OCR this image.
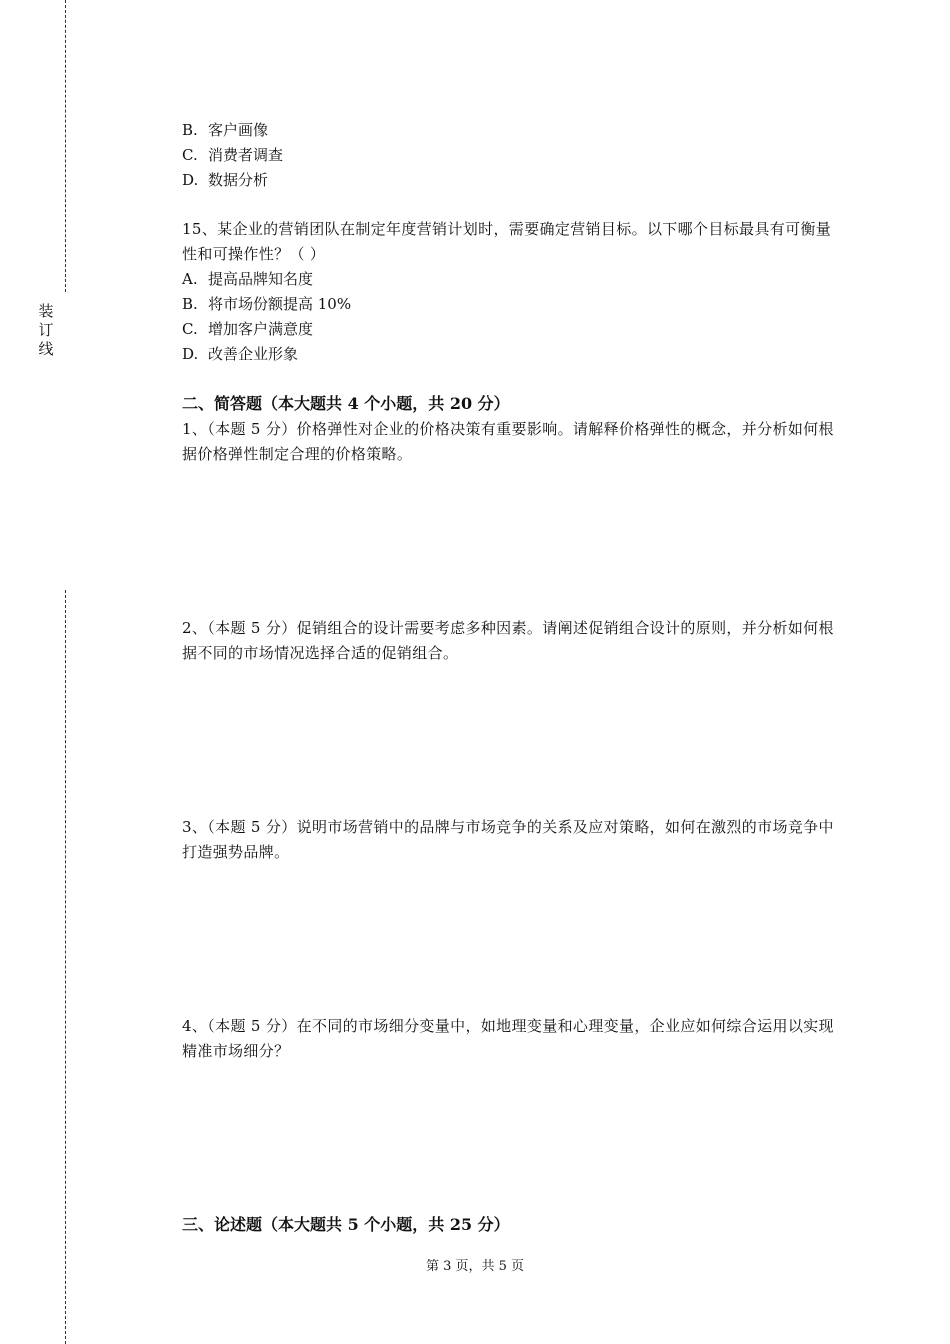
装订线
B. 客户画像
C. 消费者调查
D. 数据分析
15、某企业的营销团队在制定年度营销计划时，需要确定营销目标。以下哪个目标最具有可衡量性和可操作性？（ ）
A. 提高品牌知名度
B. 将市场份额提高 10%
C. 增加客户满意度
D. 改善企业形象
二、简答题（本大题共 4 个小题，共 20 分）
1、（本题 5 分）价格弹性对企业的价格决策有重要影响。请解释价格弹性的概念，并分析如何根据价格弹性制定合理的价格策略。
2、（本题 5 分）促销组合的设计需要考虑多种因素。请阐述促销组合设计的原则，并分析如何根据不同的市场情况选择合适的促销组合。
3、（本题 5 分）说明市场营销中的品牌与市场竞争的关系及应对策略，如何在激烈的市场竞争中打造强势品牌。
4、（本题 5 分）在不同的市场细分变量中，如地理变量和心理变量，企业应如何综合运用以实现精准市场细分？
三、论述题（本大题共 5 个小题，共 25 分）
第 3 页，共 5 页
